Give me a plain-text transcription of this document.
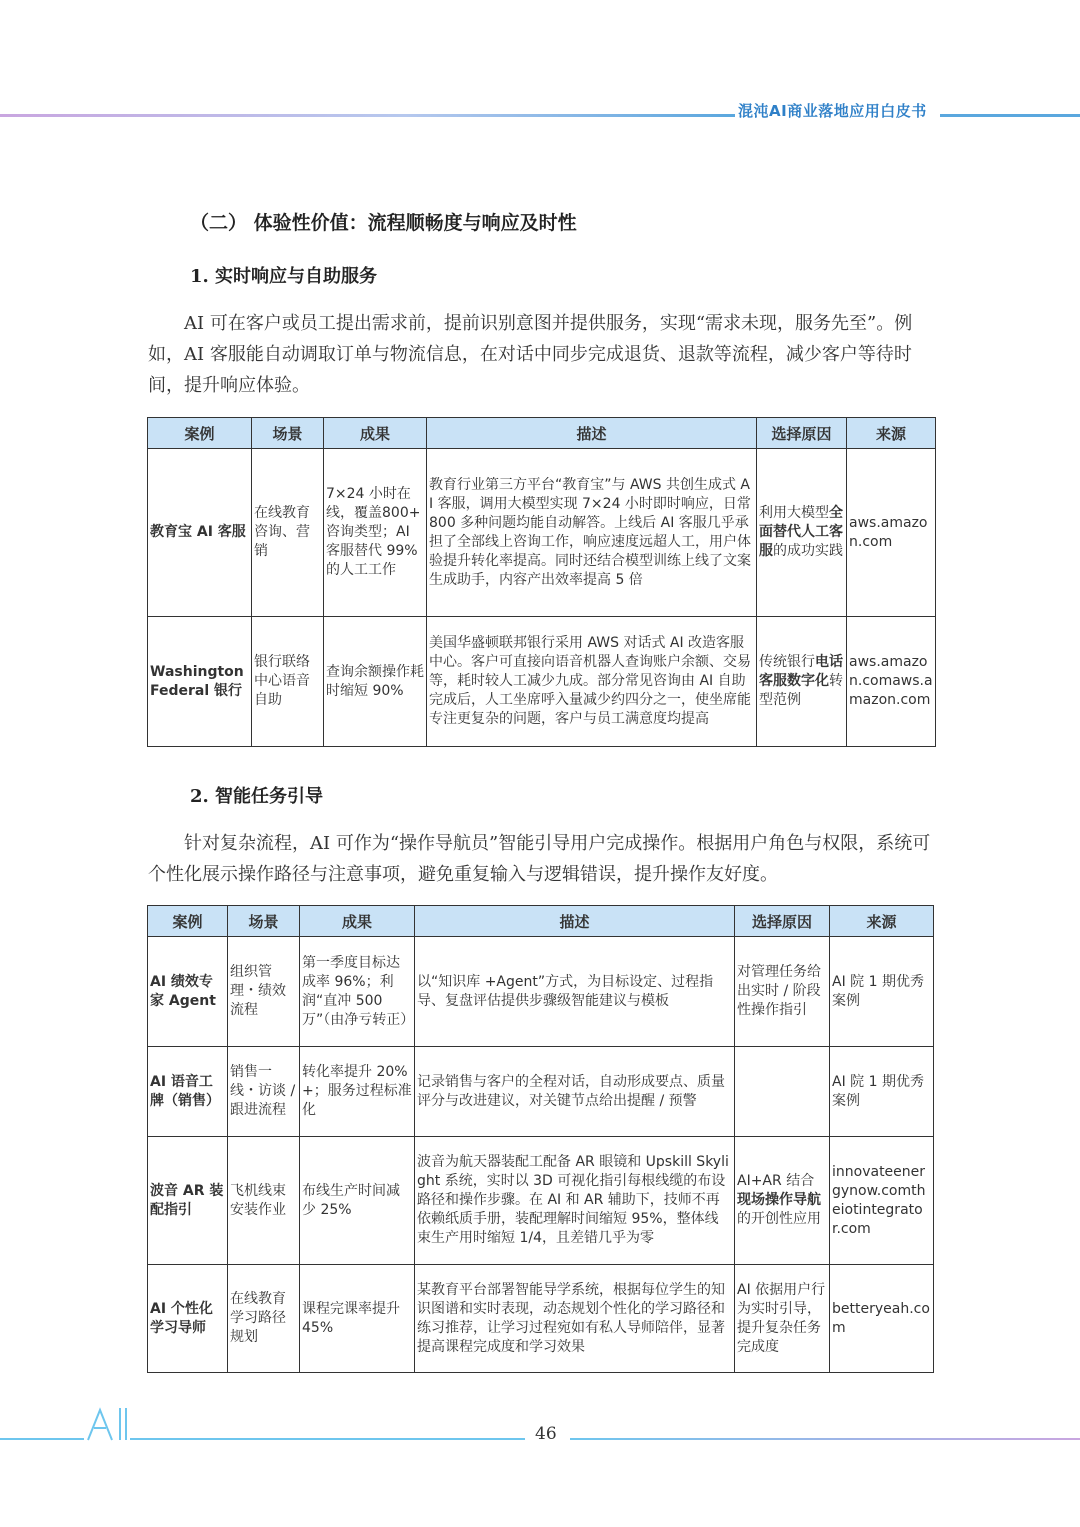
混沌AI商业落地应用白皮书
（二） 体验性价值：流程顺畅度与响应及时性
1. 实时响应与自助服务
AI 可在客户或员工提出需求前，提前识别意图并提供服务，实现“需求未现，服务先至”。例如，AI 客服能自动调取订单与物流信息，在对话中同步完成退货、退款等流程，减少客户等待时间，提升响应体验。
案例	场景	成果	描述	选择原因	来源
教育宝 AI 客服	在线教育咨询、营销	7×24 小时在线，覆盖800+ 咨询类型；AI 客服替代 99% 的人工工作	教育行业第三方平台“教育宝”与 AWS 共创生成式 AI 客服，调用大模型实现 7×24 小时即时响应，日常 800 多种问题均能自动解答。上线后 AI 客服几乎承担了全部线上咨询工作，响应速度远超人工，用户体验提升转化率提高。同时还结合模型训练上线了文案生成助手，内容产出效率提高 5 倍	利用大模型全面替代人工客服的成功实践	aws.amazon.com
Washington Federal 银行	银行联络中心语音自助	查询余额操作耗时缩短 90%	美国华盛顿联邦银行采用 AWS 对话式 AI 改造客服中心。客户可直接向语音机器人查询账户余额、交易等，耗时较人工减少九成。部分常见咨询由 AI 自助完成后，人工坐席呼入量减少约四分之一，使坐席能专注更复杂的问题，客户与员工满意度均提高	传统银行电话客服数字化转型范例	aws.amazon.comaws.amazon.com
2. 智能任务引导
针对复杂流程，AI 可作为“操作导航员”智能引导用户完成操作。根据用户角色与权限，系统可个性化展示操作路径与注意事项，避免重复输入与逻辑错误，提升操作友好度。
案例	场景	成果	描述	选择原因	来源
AI 绩效专家 Agent	组织管理・绩效流程	第一季度目标达成率 96%；利润“直冲 500 万”（由净亏转正）	以“知识库 +Agent”方式，为目标设定、过程指导、复盘评估提供步骤级智能建议与模板	对管理任务给出实时 / 阶段性操作指引	AI 院 1 期优秀案例
AI 语音工牌（销售）	销售一线・访谈 / 跟进流程	转化率提升 20%+；服务过程标准化	记录销售与客户的全程对话，自动形成要点、质量评分与改进建议，对关键节点给出提醒 / 预警		AI 院 1 期优秀案例
波音 AR 装配指引	飞机线束安装作业	布线生产时间减少 25%	波音为航天器装配工配备 AR 眼镜和 Upskill Skylight 系统，实时以 3D 可视化指引每根线缆的布设路径和操作步骤。在 AI 和 AR 辅助下，技师不再依赖纸质手册，装配理解时间缩短 95%，整体线束生产用时缩短 1/4，且差错几乎为零	AI+AR 结合现场操作导航的开创性应用	innovateenergynow.comtheiotintegrator.com
AI 个性化学习导师	在线教育学习路径规划	课程完课率提升 45%	某教育平台部署智能导学系统，根据每位学生的知识图谱和实时表现，动态规划个性化的学习路径和练习推荐，让学习过程宛如有私人导师陪伴，显著提高课程完成度和学习效果	AI 依据用户行为实时引导，提升复杂任务完成度	betteryeah.com
AI	46
